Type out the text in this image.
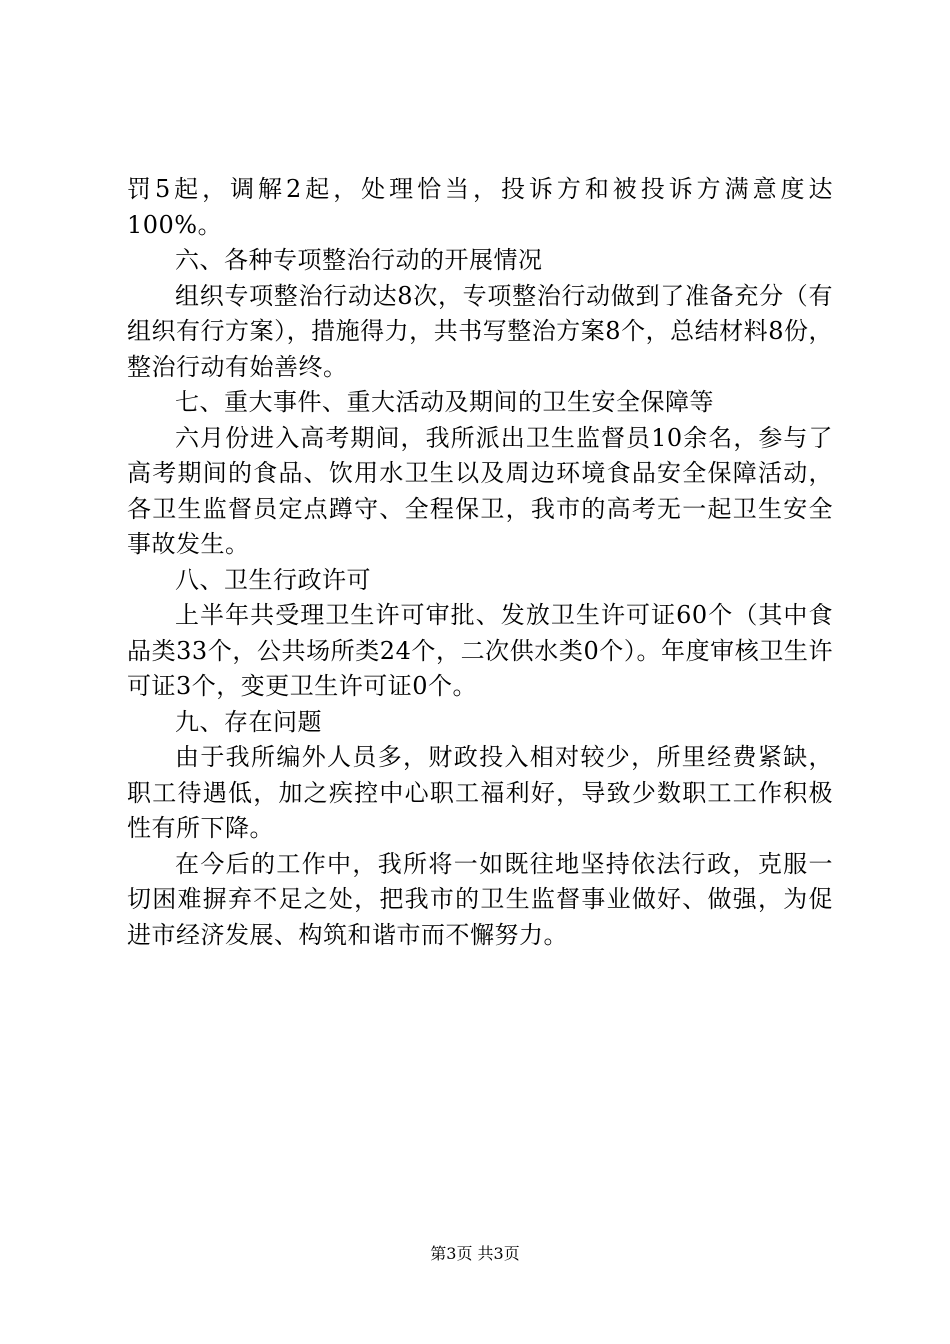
罚5起，调解2起，处理恰当，投诉方和被投诉方满意度达100%。

六、各种专项整治行动的开展情况

组织专项整治行动达8次，专项整治行动做到了准备充分（有组织有行方案），措施得力，共书写整治方案8个，总结材料8份，整治行动有始善终。

七、重大事件、重大活动及期间的卫生安全保障等

六月份进入高考期间，我所派出卫生监督员10余名，参与了高考期间的食品、饮用水卫生以及周边环境食品安全保障活动，各卫生监督员定点蹲守、全程保卫，我市的高考无一起卫生安全事故发生。

八、卫生行政许可

上半年共受理卫生许可审批、发放卫生许可证60个（其中食品类33个，公共场所类24个，二次供水类0个）。年度审核卫生许可证3个，变更卫生许可证0个。

九、存在问题

由于我所编外人员多，财政投入相对较少，所里经费紧缺，职工待遇低，加之疾控中心职工福利好，导致少数职工工作积极性有所下降。

在今后的工作中，我所将一如既往地坚持依法行政，克服一切困难摒弃不足之处，把我市的卫生监督事业做好、做强，为促进市经济发展、构筑和谐市而不懈努力。

第3页 共3页
